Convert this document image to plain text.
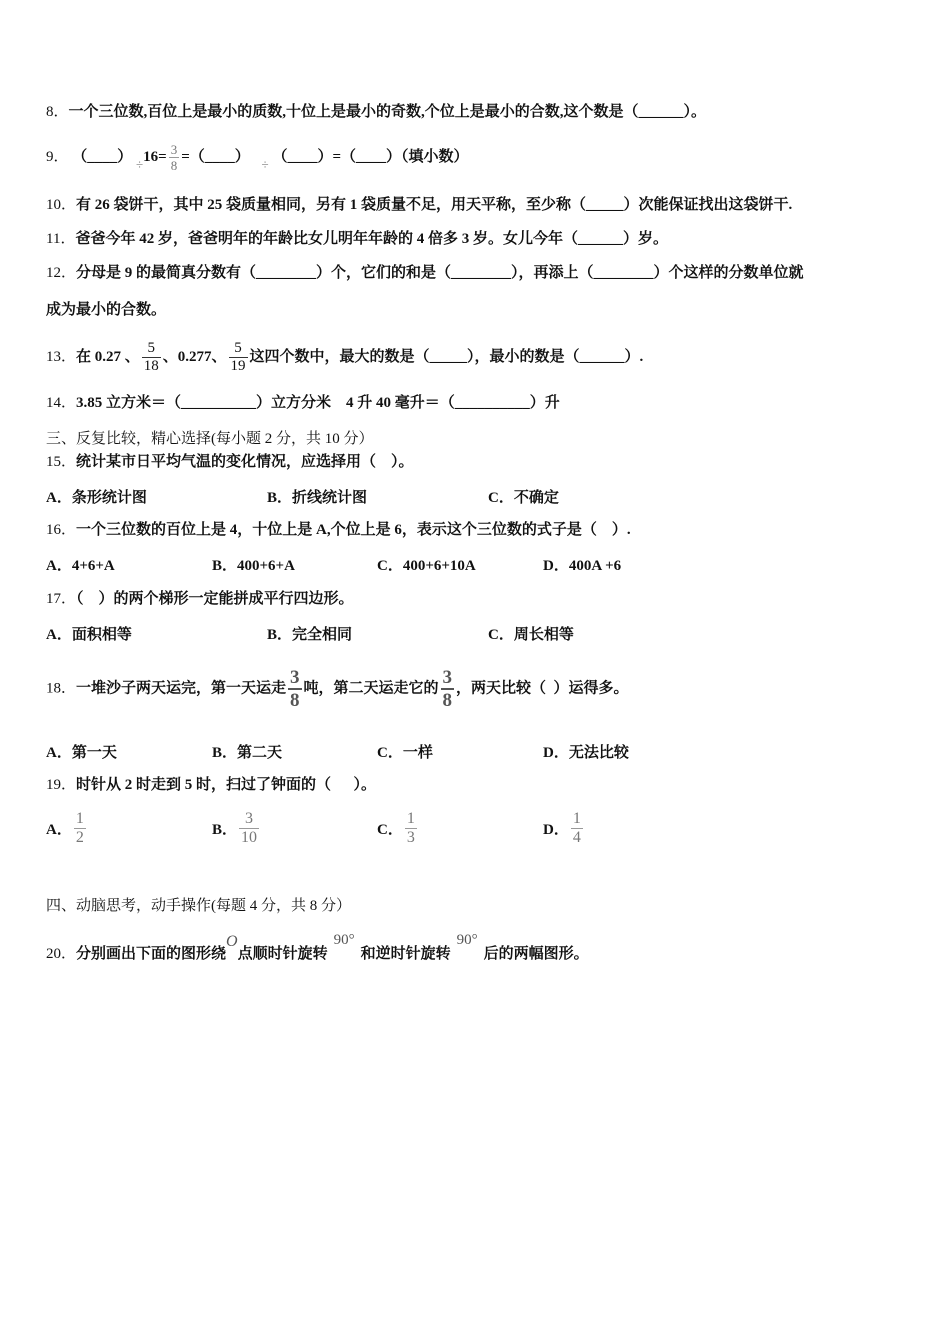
8．一个三位数,百位上是最小的质数,十位上是最小的奇数,个位上是最小的合数,这个数是（______）。
9． （____） $\div 16= \frac{3}{8}$ =（____） ÷ （____）=（____）（填小数）
10．有 26 袋饼干，其中 25 袋质量相同，另有 1 袋质量不足，用天平称，至少称（_____）次能保证找出这袋饼干.
11．爸爸今年 42 岁，爸爸明年的年龄比女儿明年年龄的 4 倍多 3 岁。女儿今年（______）岁。
12．分母是 9 的最简真分数有（________）个，它们的和是（________），再添上（________）个这样的分数单位就
成为最小的合数。
13．在 0.27 、 $\frac{5}{18}$ 、0.277、 $\frac{5}{19}$ 这四个数中，最大的数是（_____），最小的数是（______）.
14．3.85 立方米＝（__________）立方分米    4 升 40 毫升＝（__________）升
三、反复比较，精心选择(每小题 2 分，共 10 分）
15．统计某市日平均气温的变化情况，应选择用（    ）。
A．条形统计图	B．折线统计图	C．不确定
16．一个三位数的百位上是 4，十位上是 A,个位上是 6，表示这个三位数的式子是（    ）.
A．4+6+A	B．400+6+A	C．400+6+10A	D．400A +6
17．（    ）的两个梯形一定能拼成平行四边形。
A．面积相等	B．完全相同	C．周长相等
18．一堆沙子两天运完，第一天运走 $\frac{3}{8}$ 吨，第二天运走它的 $\frac{3}{8}$ ，两天比较（  ）运得多。
A．第一天	B．第二天	C．一样	D．无法比较
19．时针从 2 时走到 5 时，扫过了钟面的（      ）。
A． $\frac{1}{2}$	B． $\frac{3}{10}$	C． $\frac{1}{3}$	D． $\frac{1}{4}$
四、动脑思考，动手操作(每题 4 分，共 8 分）
20．分别画出下面的图形绕O点顺时针旋转90°和逆时针旋转90°后的两幅图形。
